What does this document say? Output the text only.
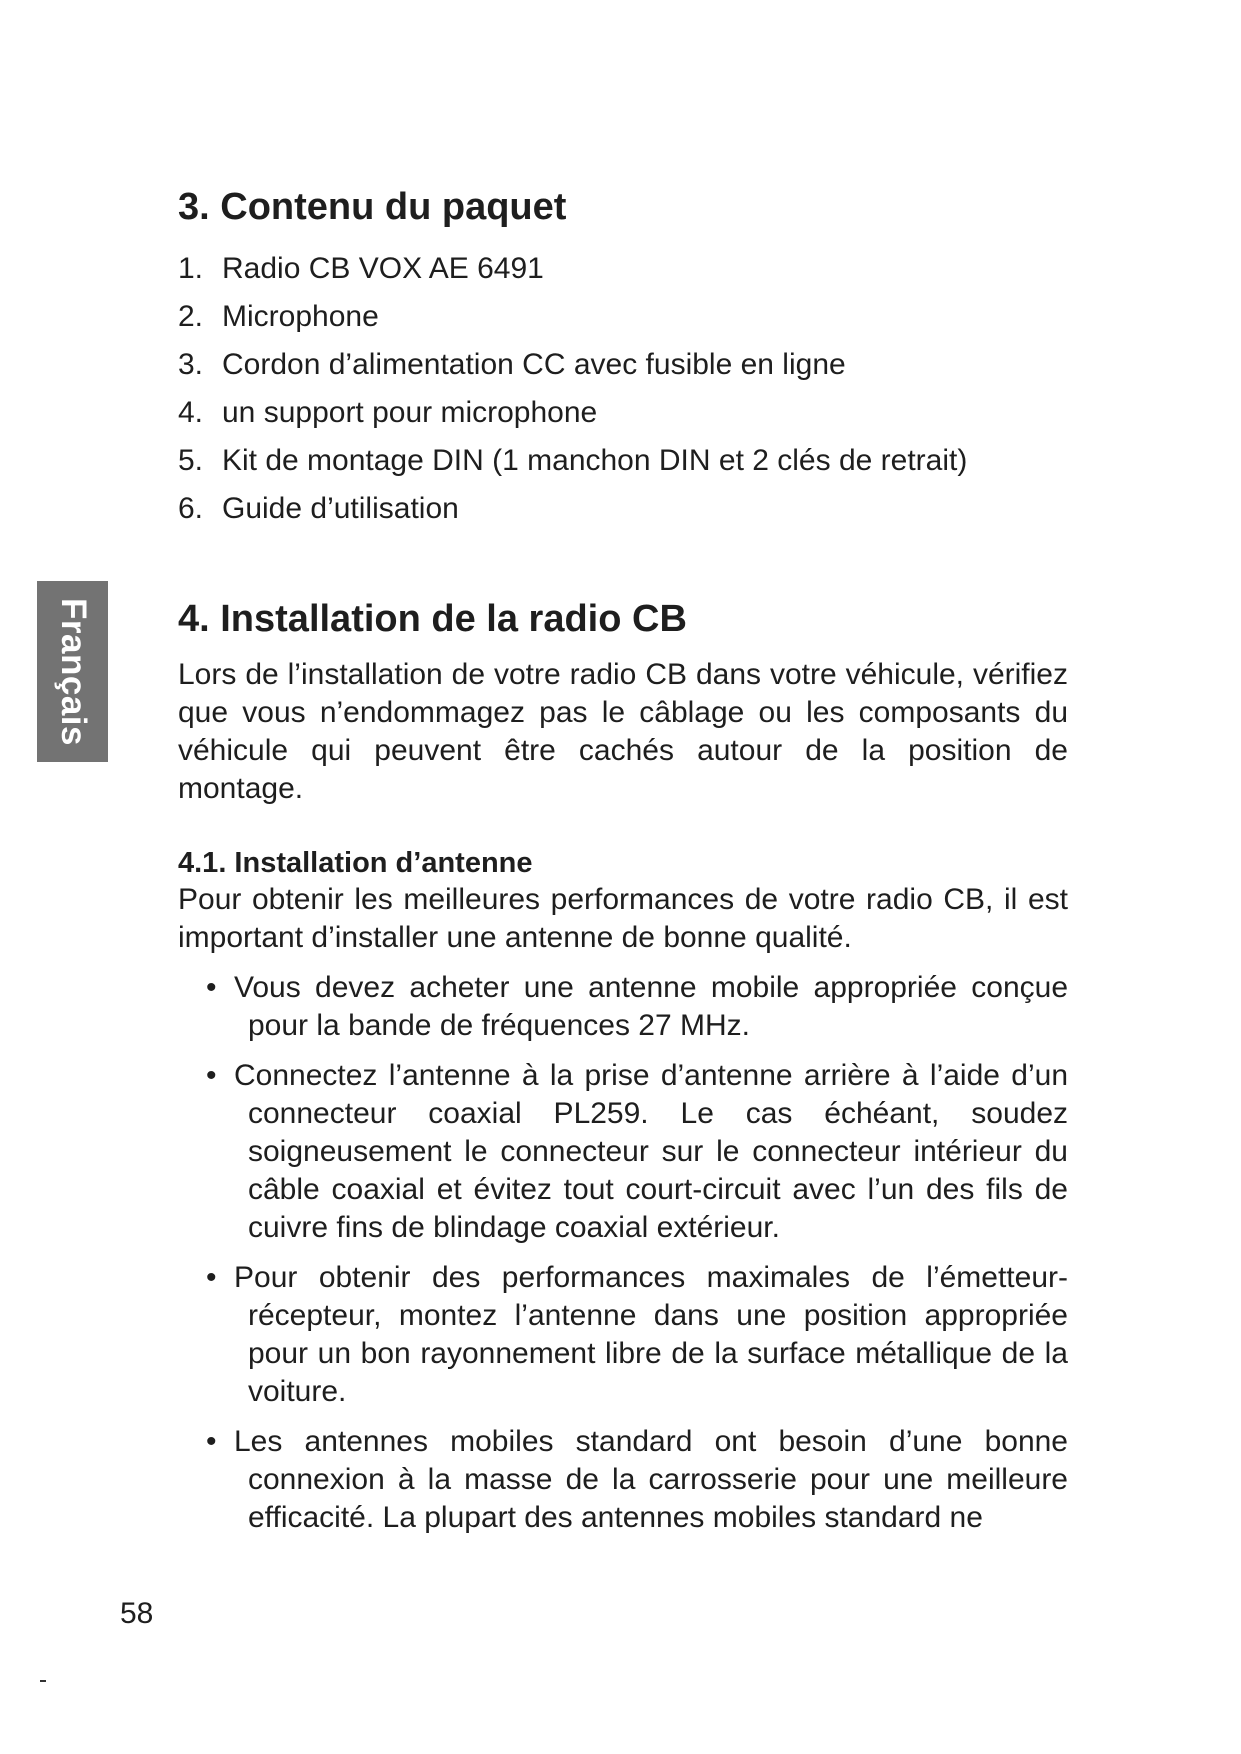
Français
3. Contenu du paquet
1. Radio CB VOX AE 6491
2. Microphone
3. Cordon d’alimentation CC avec fusible en ligne
4. un support pour microphone
5. Kit de montage DIN (1 manchon DIN et 2 clés de retrait)
6. Guide d’utilisation
4. Installation de la radio CB

Lors de l’installation de votre radio CB dans votre véhicule, vérifiez que vous n’endommagez pas le câblage ou les composants du véhicule qui peuvent être cachés autour de la position de montage.

4.1. Installation d’antenne

Pour obtenir les meilleures performances de votre radio CB, il est important d’installer une antenne de bonne qualité.

• Vous devez acheter une antenne mobile appropriée conçue pour la bande de fréquences 27 MHz.
• Connectez l’antenne à la prise d’antenne arrière à l’aide d’un connecteur coaxial PL259. Le cas échéant, soudez soigneusement le connecteur sur le connecteur intérieur du câble coaxial et évitez tout court-circuit avec l’un des fils de cuivre fins de blindage coaxial extérieur.
• Pour obtenir des performances maximales de l’émetteur-récepteur, montez l’antenne dans une position appropriée pour un bon rayonnement libre de la surface métallique de la voiture.
• Les antennes mobiles standard ont besoin d’une bonne connexion à la masse de la carrosserie pour une meilleure efficacité. La plupart des antennes mobiles standard ne
58
